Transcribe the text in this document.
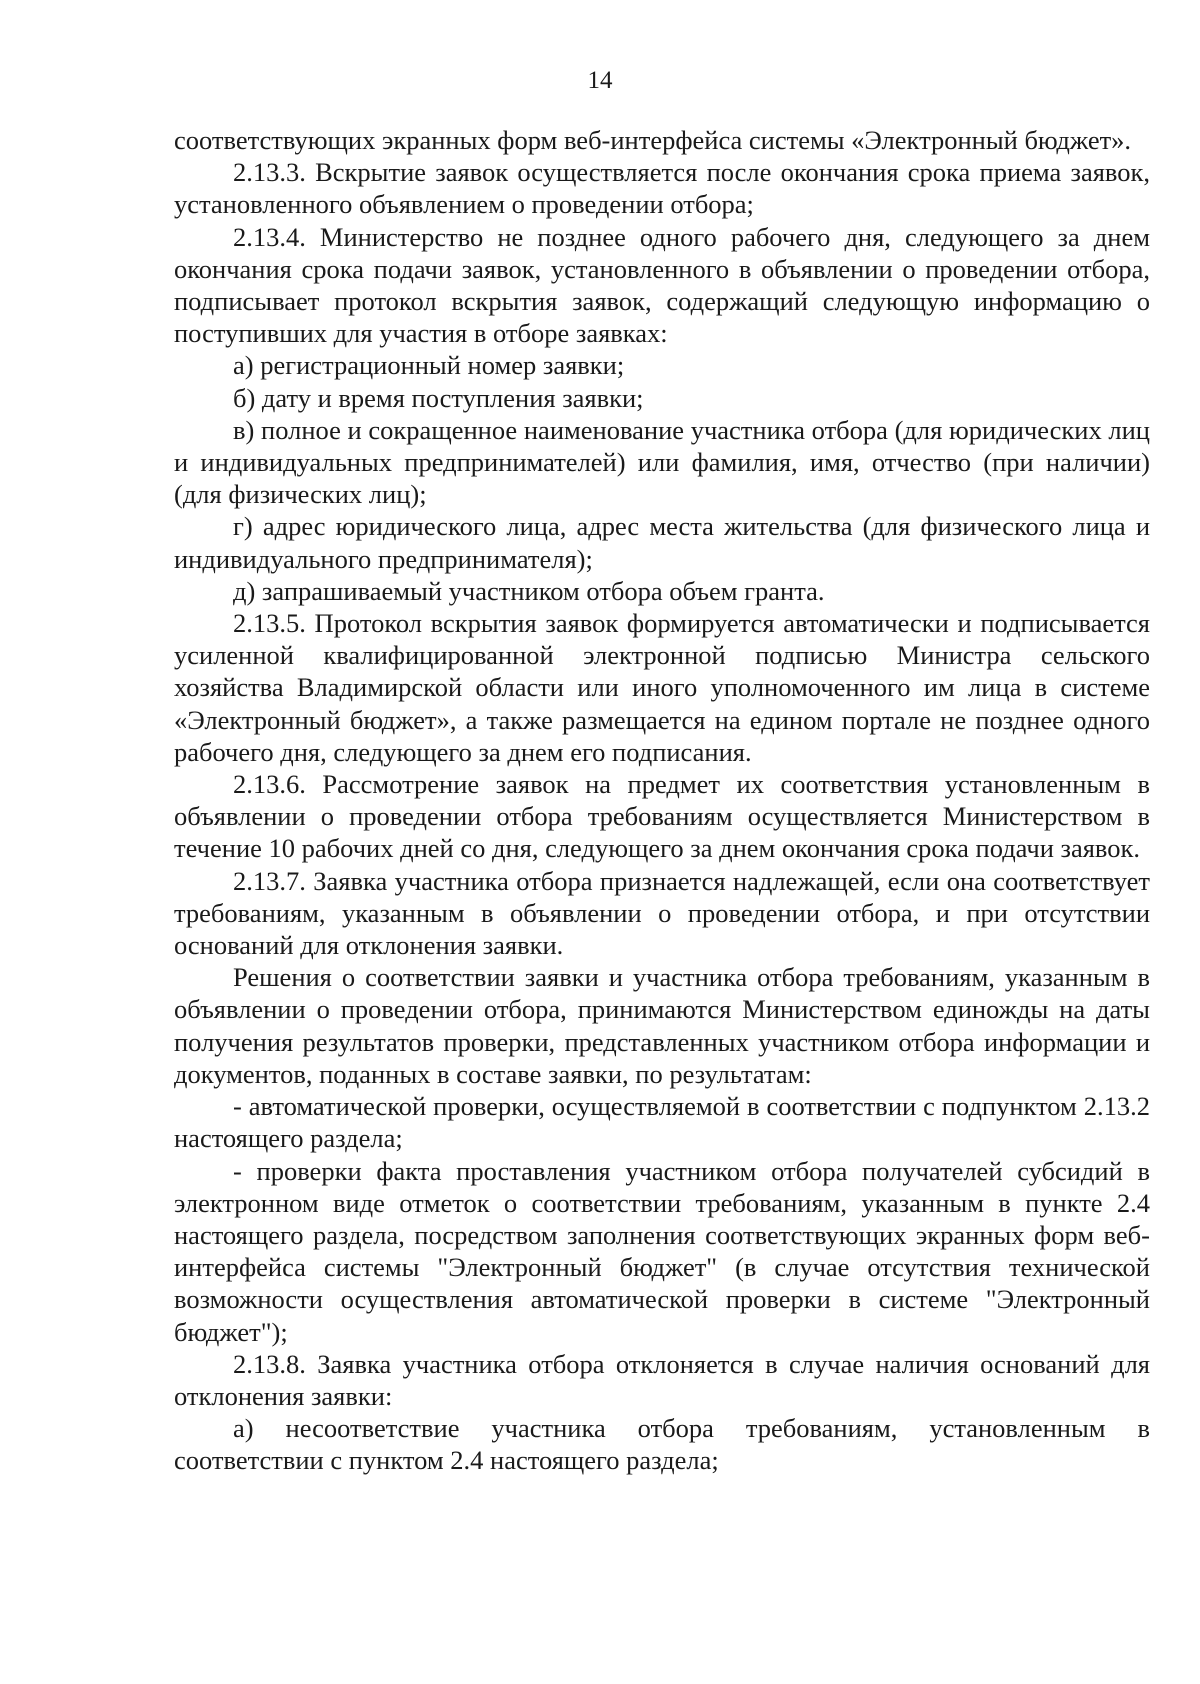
14

соответствующих экранных форм веб-интерфейса системы «Электронный бюджет».

2.13.3. Вскрытие заявок осуществляется после окончания срока приема заявок, установленного объявлением о проведении отбора;

2.13.4. Министерство не позднее одного рабочего дня, следующего за днем окончания срока подачи заявок, установленного в объявлении о проведении отбора, подписывает протокол вскрытия заявок, содержащий следующую информацию о поступивших для участия в отборе заявках:

а) регистрационный номер заявки;

б) дату и время поступления заявки;

в) полное и сокращенное наименование участника отбора (для юридических лиц и индивидуальных предпринимателей) или фамилия, имя, отчество (при наличии) (для физических лиц);

г) адрес юридического лица, адрес места жительства (для физического лица и индивидуального предпринимателя);

д) запрашиваемый участником отбора объем гранта.

2.13.5. Протокол вскрытия заявок формируется автоматически и подписывается усиленной квалифицированной электронной подписью Министра сельского хозяйства Владимирской области или иного уполномоченного им лица в системе «Электронный бюджет», а также размещается на едином портале не позднее одного рабочего дня, следующего за днем его подписания.

2.13.6. Рассмотрение заявок на предмет их соответствия установленным в объявлении о проведении отбора требованиям осуществляется Министерством в течение 10 рабочих дней со дня, следующего за днем окончания срока подачи заявок.

2.13.7. Заявка участника отбора признается надлежащей, если она соответствует требованиям, указанным в объявлении о проведении отбора, и при отсутствии оснований для отклонения заявки.

Решения о соответствии заявки и участника отбора требованиям, указанным в объявлении о проведении отбора, принимаются Министерством единожды на даты получения результатов проверки, представленных участником отбора информации и документов, поданных в составе заявки, по результатам:

- автоматической проверки, осуществляемой в соответствии с подпунктом 2.13.2 настоящего раздела;

- проверки факта проставления участником отбора получателей субсидий в электронном виде отметок о соответствии требованиям, указанным в пункте 2.4 настоящего раздела, посредством заполнения соответствующих экранных форм веб-интерфейса системы "Электронный бюджет" (в случае отсутствия технической возможности осуществления автоматической проверки в системе "Электронный бюджет");

2.13.8. Заявка участника отбора отклоняется в случае наличия оснований для отклонения заявки:

а) несоответствие участника отбора требованиям, установленным в соответствии с пунктом 2.4 настоящего раздела;
